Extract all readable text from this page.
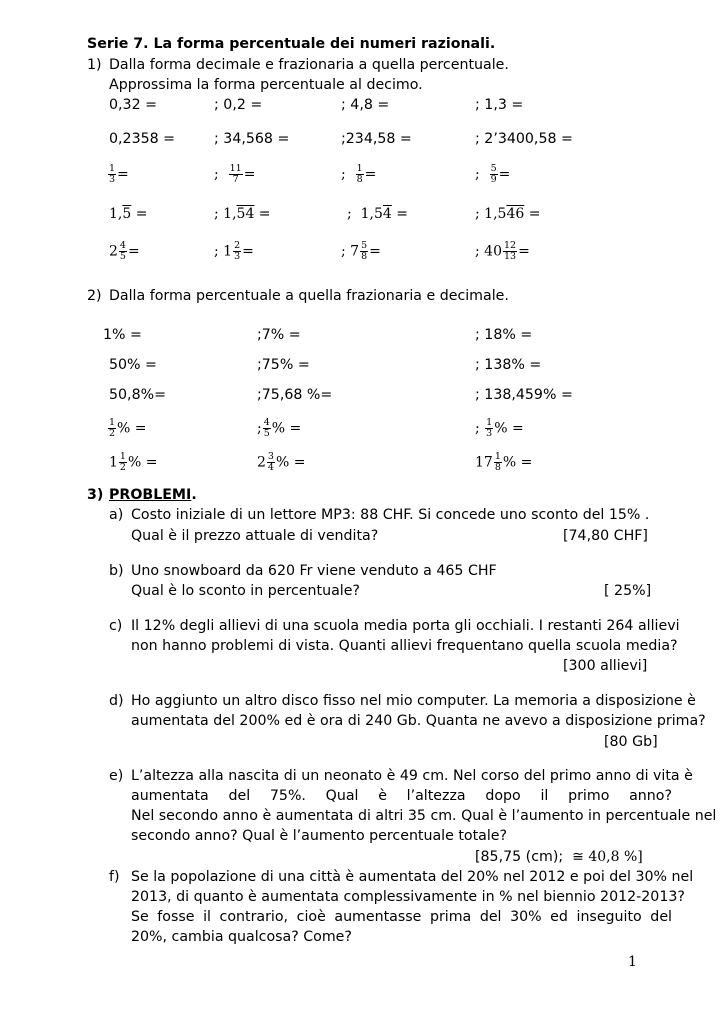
Serie 7. La forma percentuale dei numeri razionali.
1) Dalla forma decimale e frazionaria a quella percentuale.
Approssima la forma percentuale al decimo.
0,32 =	; 0,2 =	; 4,8 =	; 1,3 =
0,2358 =	; 34,568 =	;234,58 =	; 2’3400,58 =
$\frac{1}{3}$ =	; $\frac{11}{7}$ =	; $\frac{1}{8}$ =	; $\frac{5}{9}$ =
1,5 =	; 1,54 =	;  1,54 =	; 1,546 =
$2 \frac{4}{5}$ =	; $1 \frac{2}{3}$ =	; $7 \frac{5}{8}$ =	; $40 \frac{12}{13}$ =
2) Dalla forma percentuale a quella frazionaria e decimale.
1% =	;7% =	; 18% =
50% =	;75% =	; 138% =
50,8%=	;75,68 %=	; 138,459% =
$\frac{1}{2}$ % =	; $\frac{4}{5}$ % =	; $\frac{1}{3}$ % =
$1 \frac{1}{2}$ % =	$2 \frac{3}{4}$ % =	$17 \frac{1}{8}$ % =
3) PROBLEMI.
a) Costo iniziale di un lettore MP3: 88 CHF. Si concede uno sconto del 15% .
Qual è il prezzo attuale di vendita?	[74,80 CHF]
b) Uno snowboard da 620 Fr viene venduto a 465 CHF
Qual è lo sconto in percentuale?	[ 25%]
c) Il 12% degli allievi di una scuola media porta gli occhiali. I restanti 264 allievi
non hanno problemi di vista. Quanti allievi frequentano quella scuola media?
[300 allievi]
d) Ho aggiunto un altro disco fisso nel mio computer. La memoria a disposizione è
aumentata del 200% ed è ora di 240 Gb. Quanta ne avevo a disposizione prima?
[80 Gb]
e) L’altezza alla nascita di un neonato è 49 cm. Nel corso del primo anno di vita è
aumentata del 75%. Qual è l’altezza dopo il primo anno?
Nel secondo anno è aumentata di altri 35 cm. Qual è l’aumento in percentuale nel
secondo anno? Qual è l’aumento percentuale totale?
[85,75 (cm); ≅ 40,8 %]
f) Se la popolazione di una città è aumentata del 20% nel 2012 e poi del 30% nel
2013, di quanto è aumentata complessivamente in % nel biennio 2012-2013?
Se fosse il contrario, cioè aumentasse prima del 30% ed inseguito del
20%, cambia qualcosa? Come?
1
